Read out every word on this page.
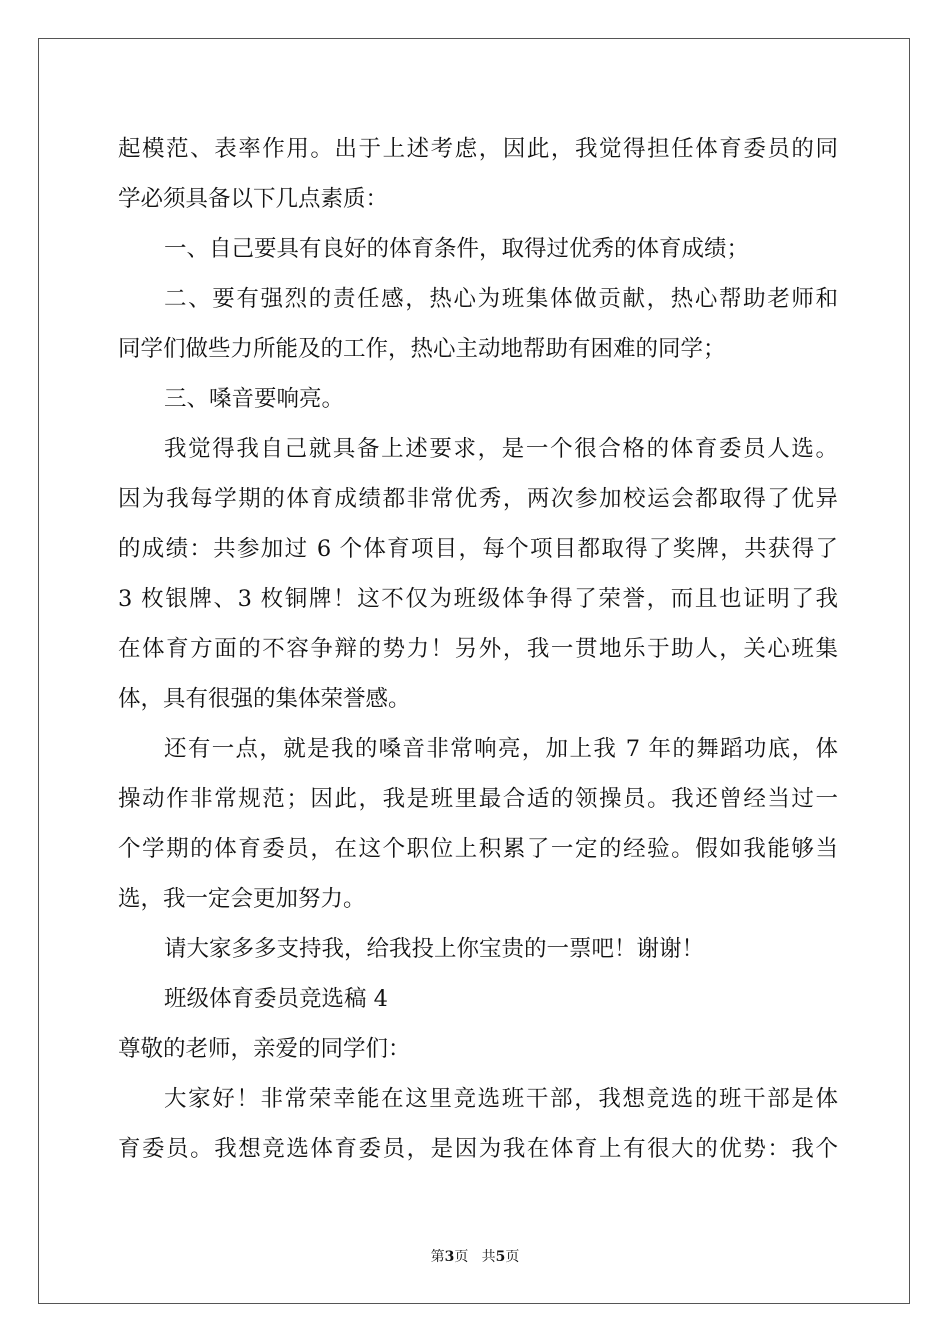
起模范、表率作用。出于上述考虑，因此，我觉得担任体育委员的同
学必须具备以下几点素质：
一、自己要具有良好的体育条件，取得过优秀的体育成绩；
二、要有强烈的责任感，热心为班集体做贡献，热心帮助老师和
同学们做些力所能及的工作，热心主动地帮助有困难的同学；
三、嗓音要响亮。
我觉得我自己就具备上述要求，是一个很合格的体育委员人选。
因为我每学期的体育成绩都非常优秀，两次参加校运会都取得了优异
的成绩：共参加过 6 个体育项目，每个项目都取得了奖牌，共获得了
3 枚银牌、3 枚铜牌！这不仅为班级体争得了荣誉，而且也证明了我
在体育方面的不容争辩的势力！另外，我一贯地乐于助人，关心班集
体，具有很强的集体荣誉感。
还有一点，就是我的嗓音非常响亮，加上我 7 年的舞蹈功底，体
操动作非常规范；因此，我是班里最合适的领操员。我还曾经当过一
个学期的体育委员，在这个职位上积累了一定的经验。假如我能够当
选，我一定会更加努力。
请大家多多支持我，给我投上你宝贵的一票吧！谢谢！
班级体育委员竞选稿 4
尊敬的老师，亲爱的同学们：
大家好！非常荣幸能在这里竞选班干部，我想竞选的班干部是体
育委员。我想竞选体育委员，是因为我在体育上有很大的优势：我个
第3页 共5页
